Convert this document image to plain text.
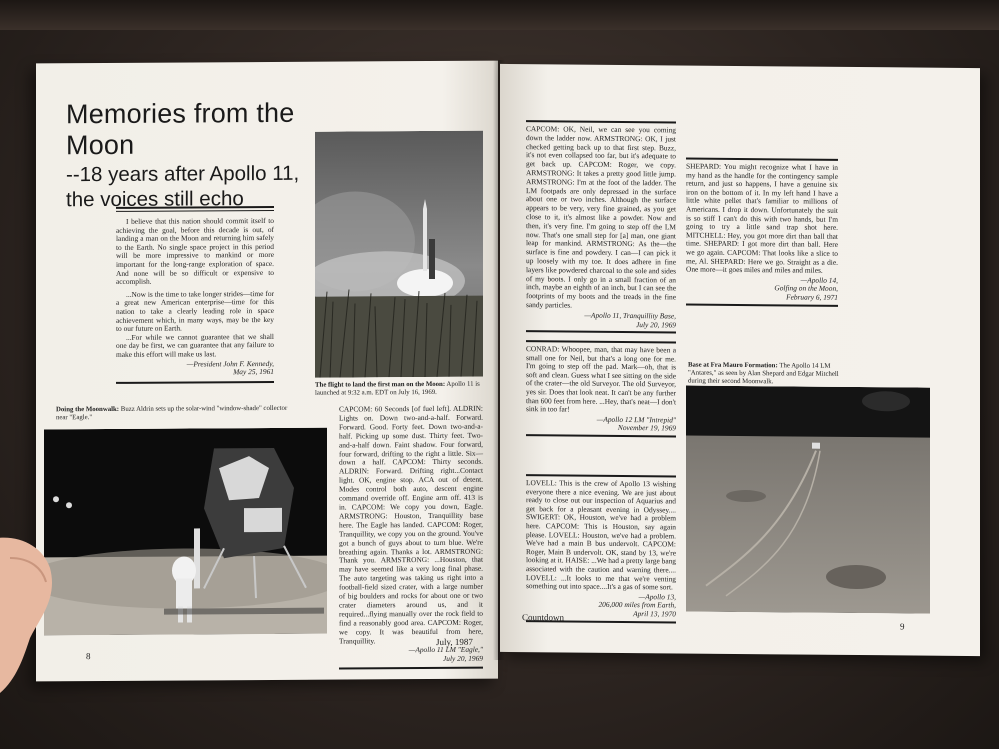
Memories from the Moon
--18 years after Apollo 11,
the voices still echo

I believe that this nation should commit itself to achieving the goal, before this decade is out, of landing a man on the Moon and returning him safely to the Earth. No single space project in this period will be more impressive to mankind or more important for the long-range exploration of space. And none will be so difficult or expensive to accomplish.

...Now is the time to take longer strides—time for a great new American enterprise—time for this nation to take a clearly leading role in space achievement which, in many ways, may be the key to our future on Earth.

...For while we cannot guarantee that we shall one day be first, we can guarantee that any failure to make this effort will make us last.

—President John F. Kennedy,

May 25, 1961

The flight to land the first man on the Moon: Apollo 11 is launched at 9:32 a.m. EDT on July 16, 1969.
Doing the Moonwalk: Buzz Aldrin sets up the solar-wind "window-shade" collector near "Eagle."

CAPCOM: 60 Seconds [of fuel left]. ALDRIN: Lights on. Down two-and-a-half. Forward. Forward. Good. Forty feet. Down two-and-a-half. Picking up some dust. Thirty feet. Two-and-a-half down. Faint shadow. Four forward, four forward, drifting to the right a little. Six—down a half. CAPCOM: Thirty seconds. ALDRIN: Forward. Drifting right...Contact light. OK, engine stop. ACA out of detent. Modes control both auto, descent engine command override off. Engine arm off. 413 is in. CAPCOM: We copy you down, Eagle. ARMSTRONG: Houston, Tranquillity base here. The Eagle has landed. CAPCOM: Roger, Tranquillity, we copy you on the ground. You've got a bunch of guys about to turn blue. We're breathing again. Thanks a lot. ARMSTRONG: Thank you. ARMSTRONG: ...Houston, that may have seemed like a very long final phase. The auto targeting was taking us right into a football-field sized crater, with a large number of big boulders and rocks for about one or two crater diameters around us, and it required...flying manually over the rock field to find a reasonably good area. CAPCOM: Roger, we copy. It was beautiful from here, Tranquillity.

—Apollo 11 LM "Eagle,"

July 20, 1969

8
July, 1987

CAPCOM: OK, Neil, we can see you coming down the ladder now. ARMSTRONG: OK, I just checked getting back up to that first step. Buzz, it's not even collapsed too far, but it's adequate to get back up. CAPCOM: Roger, we copy. ARMSTRONG: It takes a pretty good little jump. ARMSTRONG: I'm at the foot of the ladder. The LM footpads are only depressed in the surface about one or two inches. Although the surface appears to be very, very fine grained, as you get close to it, it's almost like a powder. Now and then, it's very fine. I'm going to step off the LM now. That's one small step for [a] man, one giant leap for mankind. ARMSTRONG: As the—the surface is fine and powdery. I can—I can pick it up loosely with my toe. It does adhere in fine layers like powdered charcoal to the sole and sides of my boots. I only go in a small fraction of an inch, maybe an eighth of an inch, but I can see the footprints of my boots and the treads in the fine sandy particles.

—Apollo 11, Tranquillity Base,

July 20, 1969

SHEPARD: You might recognize what I have in my hand as the handle for the contingency sample return, and just so happens, I have a genuine six iron on the bottom of it. In my left hand I have a little white pellet that's familiar to millions of Americans. I drop it down. Unfortunately the suit is so stiff I can't do this with two hands, but I'm going to try a little sand trap shot here. MITCHELL: Hey, you got more dirt than ball that time. SHEPARD: I got more dirt than ball. Here we go again. CAPCOM: That looks like a slice to me, Al. SHEPARD: Here we go. Straight as a die. One more—it goes miles and miles and miles.

—Apollo 14,

Golfing on the Moon,

February 6, 1971

CONRAD: Whoopee, man, that may have been a small one for Neil, but that's a long one for me. I'm going to step off the pad. Mark—oh, that is soft and clean. Guess what I see sitting on the side of the crater—the old Surveyor. The old Surveyor, yes sir. Does that look neat. It can't be any further than 600 feet from here. ...Hey, that's neat—I don't sink in too far!

—Apollo 12 LM "Intrepid"

November 19, 1969

Base at Fra Mauro Formation: The Apollo 14 LM "Antares," as seen by Alan Shepard and Edgar Mitchell during their second Moonwalk.

LOVELL: This is the crew of Apollo 13 wishing everyone there a nice evening. We are just about ready to close out our inspection of Aquarius and get back for a pleasant evening in Odyssey.... SWIGERT: OK, Houston, we've had a problem here. CAPCOM: This is Houston, say again please. LOVELL: Houston, we've had a problem. We've had a main B bus undervolt. CAPCOM: Roger, Main B undervolt. OK, stand by 13, we're looking at it. HAISE: ...We had a pretty large bang associated with the caution and warning there.... LOVELL: ...It looks to me that we're venting something out into space....It's a gas of some sort.

—Apollo 13,

206,000 miles from Earth,

April 13, 1970

Countdown
9
